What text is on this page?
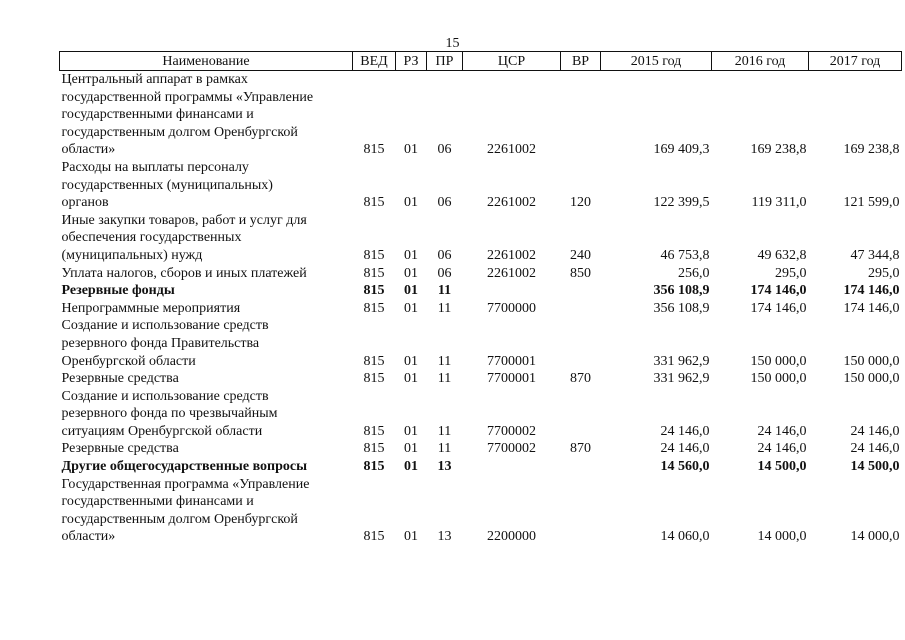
15
Наименование	ВЕД	РЗ	ПР	ЦСР	ВР	2015 год	2016 год	2017 год

Центральный аппарат в рамках
государственной программы «Управление
государственными финансами и
государственным долгом Оренбургской
области»	815	01	06	2261002		169 409,3	169 238,8	169 238,8

Расходы на выплаты персоналу
государственных (муниципальных)
органов	815	01	06	2261002	120	122 399,5	119 311,0	121 599,0

Иные закупки товаров, работ и услуг для
обеспечения государственных
(муниципальных) нужд	815	01	06	2261002	240	46 753,8	49 632,8	47 344,8

Уплата налогов, сборов и иных платежей	815	01	06	2261002	850	256,0	295,0	295,0

Резервные фонды	815	01	11			356 108,9	174 146,0	174 146,0

Непрограммные мероприятия	815	01	11	7700000		356 108,9	174 146,0	174 146,0

Создание и использование средств
резервного фонда Правительства
Оренбургской области	815	01	11	7700001		331 962,9	150 000,0	150 000,0

Резервные средства	815	01	11	7700001	870	331 962,9	150 000,0	150 000,0

Создание и использование средств
резервного фонда по чрезвычайным
ситуациям Оренбургской области	815	01	11	7700002		24 146,0	24 146,0	24 146,0

Резервные средства	815	01	11	7700002	870	24 146,0	24 146,0	24 146,0

Другие общегосударственные вопросы	815	01	13			14 560,0	14 500,0	14 500,0

Государственная программа «Управление
государственными финансами и
государственным долгом Оренбургской
области»	815	01	13	2200000		14 060,0	14 000,0	14 000,0
